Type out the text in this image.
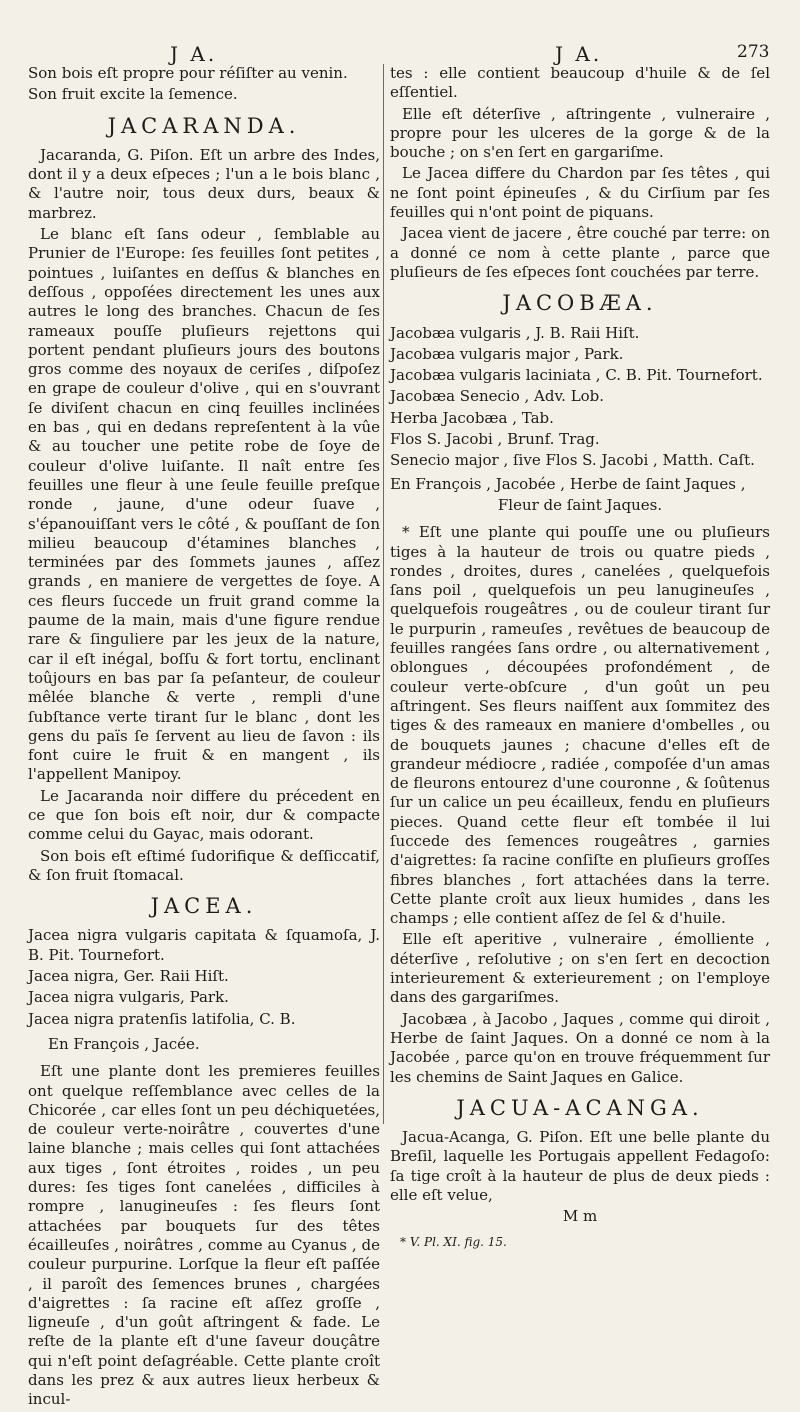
J A.	J A.	273

Son bois eſt propre pour réſiſter au venin.

Son fruit excite la ſemence.

JACARANDA.

Jacaranda, G. Piſon. Eſt un arbre des Indes, dont il y a deux eſpeces ; l'un a le bois blanc , & l'autre noir, tous deux durs, beaux & marbrez.

Le blanc eſt ſans odeur , ſemblable au Prunier de l'Europe: ſes feuilles ſont petites , pointues , luiſantes en deſſus & blanches en deſſous , oppoſées directement les unes aux autres le long des branches. Chacun de ſes rameaux pouſſe pluſieurs rejettons qui portent pendant pluſieurs jours des boutons gros comme des noyaux de ceriſes , diſpoſez en grape de couleur d'olive , qui en s'ouvrant ſe diviſent chacun en cinq feuilles inclinées en bas , qui en dedans repreſentent à la vûe & au toucher une petite robe de ſoye de couleur d'olive luiſante. Il naît entre ſes feuilles une fleur à une ſeule feuille preſque ronde , jaune, d'une odeur ſuave , s'épanouiſſant vers le côté , & pouſſant de ſon milieu beaucoup d'étamines blanches , terminées par des ſommets jaunes , aſſez grands , en maniere de vergettes de ſoye. A ces fleurs ſuccede un fruit grand comme la paume de la main, mais d'une figure rendue rare & ſinguliere par les jeux de la nature, car il eſt inégal, boſſu & fort tortu, enclinant toûjours en bas par ſa peſanteur, de couleur mêlée blanche & verte , rempli d'une ſubſtance verte tirant ſur le blanc , dont les gens du païs ſe ſervent au lieu de ſavon : ils font cuire le fruit & en mangent , ils l'appellent Manipoy.

Le Jacaranda noir differe du précedent en ce que ſon bois eſt noir, dur & compacte comme celui du Gayac, mais odorant.

Son bois eſt eſtimé ſudorifique & deſſiccatif, & ſon fruit ſtomacal.

JACEA.

Jacea nigra vulgaris capitata & ſquamoſa, J. B. Pit. Tournefort.

Jacea nigra, Ger. Raii Hiſt.

Jacea nigra vulgaris, Park.

Jacea nigra pratenſis latifolia, C. B.

En François , Jacée.

Eſt une plante dont les premieres feuilles ont quelque reſſemblance avec celles de la Chicorée , car elles ſont un peu déchiquetées, de couleur verte-noirâtre , couvertes d'une laine blanche ; mais celles qui ſont attachées aux tiges , ſont étroites , roides , un peu dures: ſes tiges ſont canelées , difficiles à rompre , lanugineuſes : ſes fleurs ſont attachées par bouquets ſur des têtes écailleuſes , noirâtres , comme au Cyanus , de couleur purpurine. Lorſque la fleur eſt paſſée , il paroît des ſemences brunes , chargées d'aigrettes : ſa racine eſt aſſez groſſe , ligneuſe , d'un goût aſtringent & fade. Le reſte de la plante eſt d'une ſaveur douçâtre qui n'eſt point deſagréable. Cette plante croît dans les prez & aux autres lieux herbeux & incul-

tes : elle contient beaucoup d'huile & de ſel eſſentiel.

Elle eſt déterſive , aſtringente , vulneraire , propre pour les ulceres de la gorge & de la bouche ; on s'en ſert en gargariſme.

Le Jacea differe du Chardon par ſes têtes , qui ne ſont point épineuſes , & du Cirſium par ſes feuilles qui n'ont point de piquans.

Jacea vient de jacere , être couché par terre: on a donné ce nom à cette plante , parce que pluſieurs de ſes eſpeces ſont couchées par terre.

JACOBÆA.

Jacobæa vulgaris , J. B. Raii Hiſt.

Jacobæa vulgaris major , Park.

Jacobæa vulgaris laciniata , C. B. Pit. Tournefort.

Jacobæa Senecio , Adv. Lob.

Herba Jacobæa , Tab.

Flos S. Jacobi , Brunf. Trag.

Senecio major , ſive Flos S. Jacobi , Matth. Caſt.

En François , Jacobée , Herbe de ſaint Jaques ,

Fleur de ſaint Jaques.

* Eſt une plante qui pouſſe une ou pluſieurs tiges à la hauteur de trois ou quatre pieds , rondes , droites, dures , canelées , quelquefois ſans poil , quelquefois un peu lanugineuſes , quelquefois rougeâtres , ou de couleur tirant ſur le purpurin , rameuſes , revêtues de beaucoup de feuilles rangées ſans ordre , ou alternativement , oblongues , découpées profondément , de couleur verte-obſcure , d'un goût un peu aſtringent. Ses fleurs naiſſent aux ſommitez des tiges & des rameaux en maniere d'ombelles , ou de bouquets jaunes ; chacune d'elles eſt de grandeur médiocre , radiée , compoſée d'un amas de fleurons entourez d'une couronne , & ſoûtenus ſur un calice un peu écailleux, fendu en pluſieurs pieces. Quand cette fleur eſt tombée il lui ſuccede des ſemences rougeâtres , garnies d'aigrettes: ſa racine conſiſte en pluſieurs groſſes fibres blanches , fort attachées dans la terre. Cette plante croît aux lieux humides , dans les champs ; elle contient aſſez de ſel & d'huile.

Elle eſt aperitive , vulneraire , émolliente , déterſive , reſolutive ; on s'en ſert en decoction interieurement & exterieurement ; on l'employe dans des gargariſmes.

Jacobæa , à Jacobo , Jaques , comme qui diroit , Herbe de ſaint Jaques. On a donné ce nom à la Jacobée , parce qu'on en trouve fréquemment ſur les chemins de Saint Jaques en Galice.

JACUA-ACANGA.

Jacua-Acanga, G. Piſon. Eſt une belle plante du Breſil, laquelle les Portugais appellent Fedagoſo: ſa tige croît à la hauteur de plus de deux pieds : elle eſt velue,

M m
* V. Pl. XI. fig. 15.
